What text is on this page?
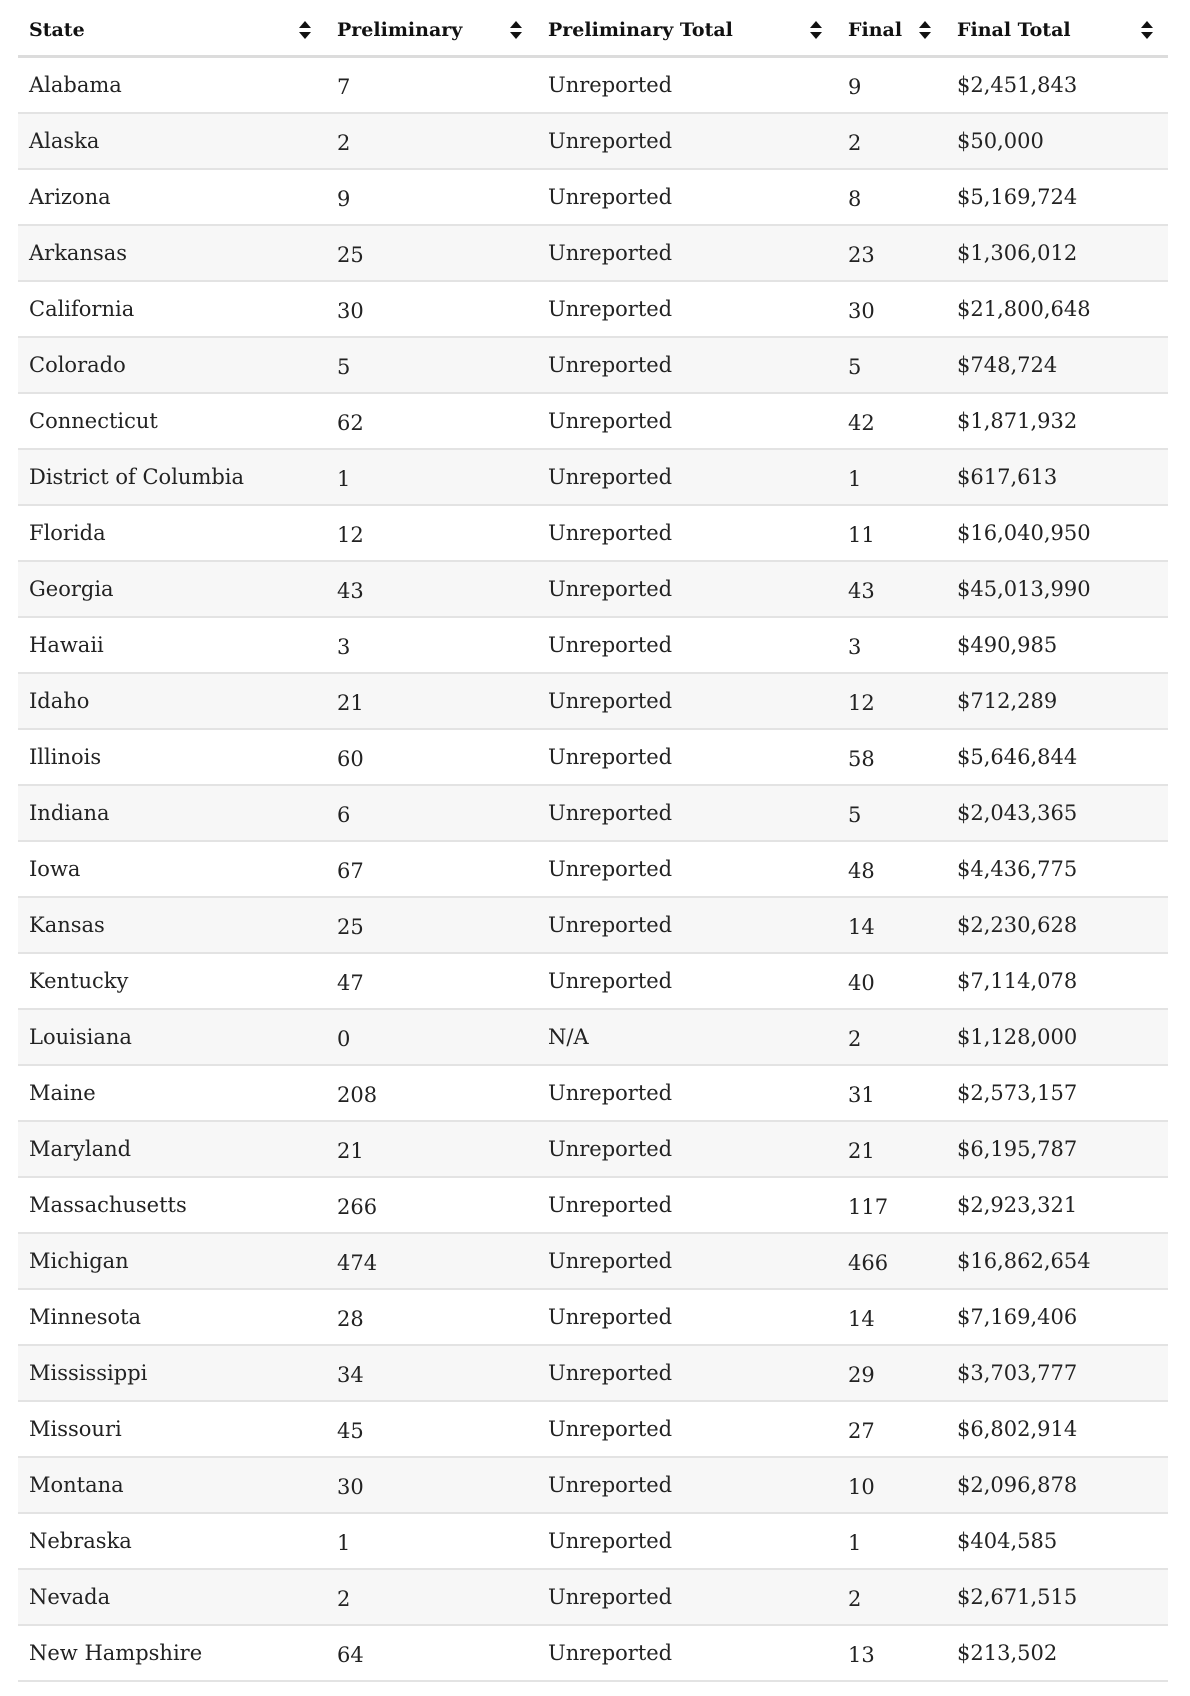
State	Preliminary	Preliminary Total	Final	Final Total
Alabama	7	Unreported	9	$2,451,843
Alaska	2	Unreported	2	$50,000
Arizona	9	Unreported	8	$5,169,724
Arkansas	25	Unreported	23	$1,306,012
California	30	Unreported	30	$21,800,648
Colorado	5	Unreported	5	$748,724
Connecticut	62	Unreported	42	$1,871,932
District of Columbia	1	Unreported	1	$617,613
Florida	12	Unreported	11	$16,040,950
Georgia	43	Unreported	43	$45,013,990
Hawaii	3	Unreported	3	$490,985
Idaho	21	Unreported	12	$712,289
Illinois	60	Unreported	58	$5,646,844
Indiana	6	Unreported	5	$2,043,365
Iowa	67	Unreported	48	$4,436,775
Kansas	25	Unreported	14	$2,230,628
Kentucky	47	Unreported	40	$7,114,078
Louisiana	0	N/A	2	$1,128,000
Maine	208	Unreported	31	$2,573,157
Maryland	21	Unreported	21	$6,195,787
Massachusetts	266	Unreported	117	$2,923,321
Michigan	474	Unreported	466	$16,862,654
Minnesota	28	Unreported	14	$7,169,406
Mississippi	34	Unreported	29	$3,703,777
Missouri	45	Unreported	27	$6,802,914
Montana	30	Unreported	10	$2,096,878
Nebraska	1	Unreported	1	$404,585
Nevada	2	Unreported	2	$2,671,515
New Hampshire	64	Unreported	13	$213,502
